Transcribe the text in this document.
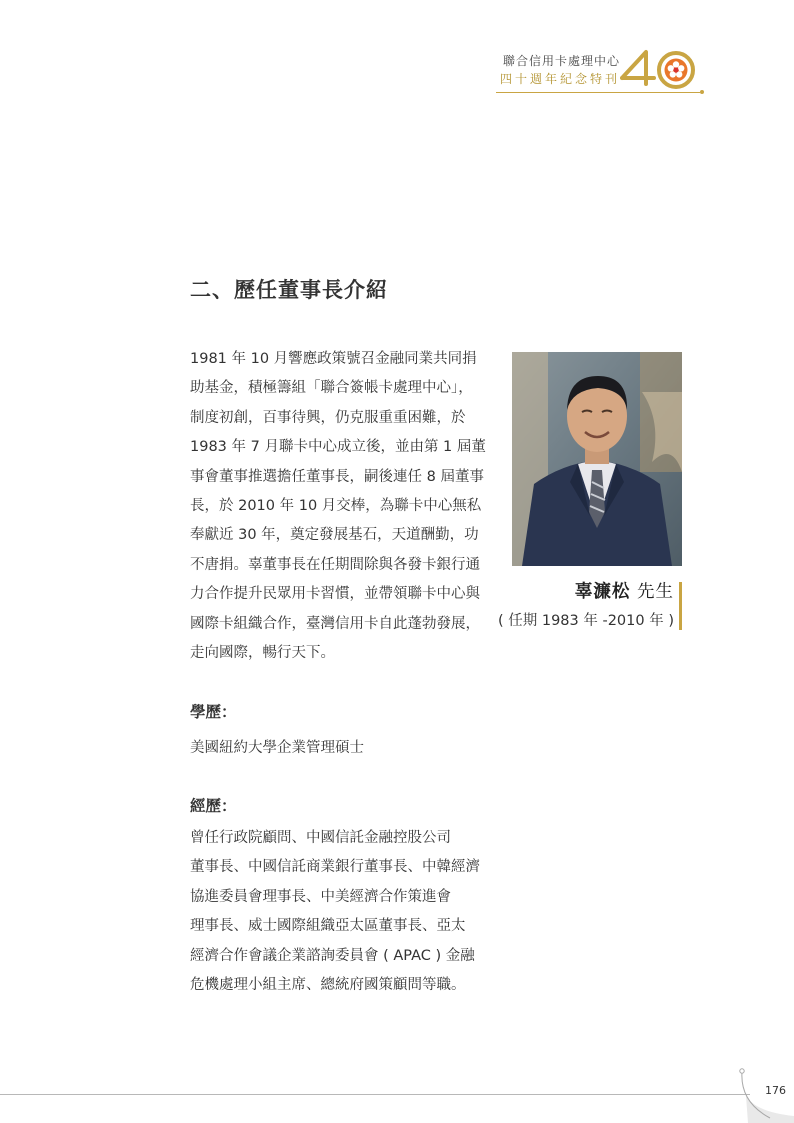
聯合信用卡處理中心
四十週年紀念特刊
二、歷任董事長介紹
1981 年 10 月響應政策號召金融同業共同捐
助基金，積極籌組「聯合簽帳卡處理中心」，
制度初創，百事待興，仍克服重重困難，於
1983 年 7 月聯卡中心成立後，並由第 1 屆董
事會董事推選擔任董事長，嗣後連任 8 屆董事
長，於 2010 年 10 月交棒，為聯卡中心無私
奉獻近 30 年，奠定發展基石，天道酬勤，功
不唐捐。辜董事長在任期間除與各發卡銀行通
力合作提升民眾用卡習慣，並帶領聯卡中心與
國際卡組織合作，臺灣信用卡自此蓬勃發展，
走向國際，暢行天下。
辜濂松 先生
( 任期 1983 年 -2010 年 )
學歷：
美國紐約大學企業管理碩士
經歷：
曾任行政院顧問、中國信託金融控股公司
董事長、中國信託商業銀行董事長、中韓經濟
協進委員會理事長、中美經濟合作策進會
理事長、威士國際組織亞太區董事長、亞太
經濟合作會議企業諮詢委員會 ( APAC ) 金融
危機處理小組主席、總統府國策顧問等職。
176
